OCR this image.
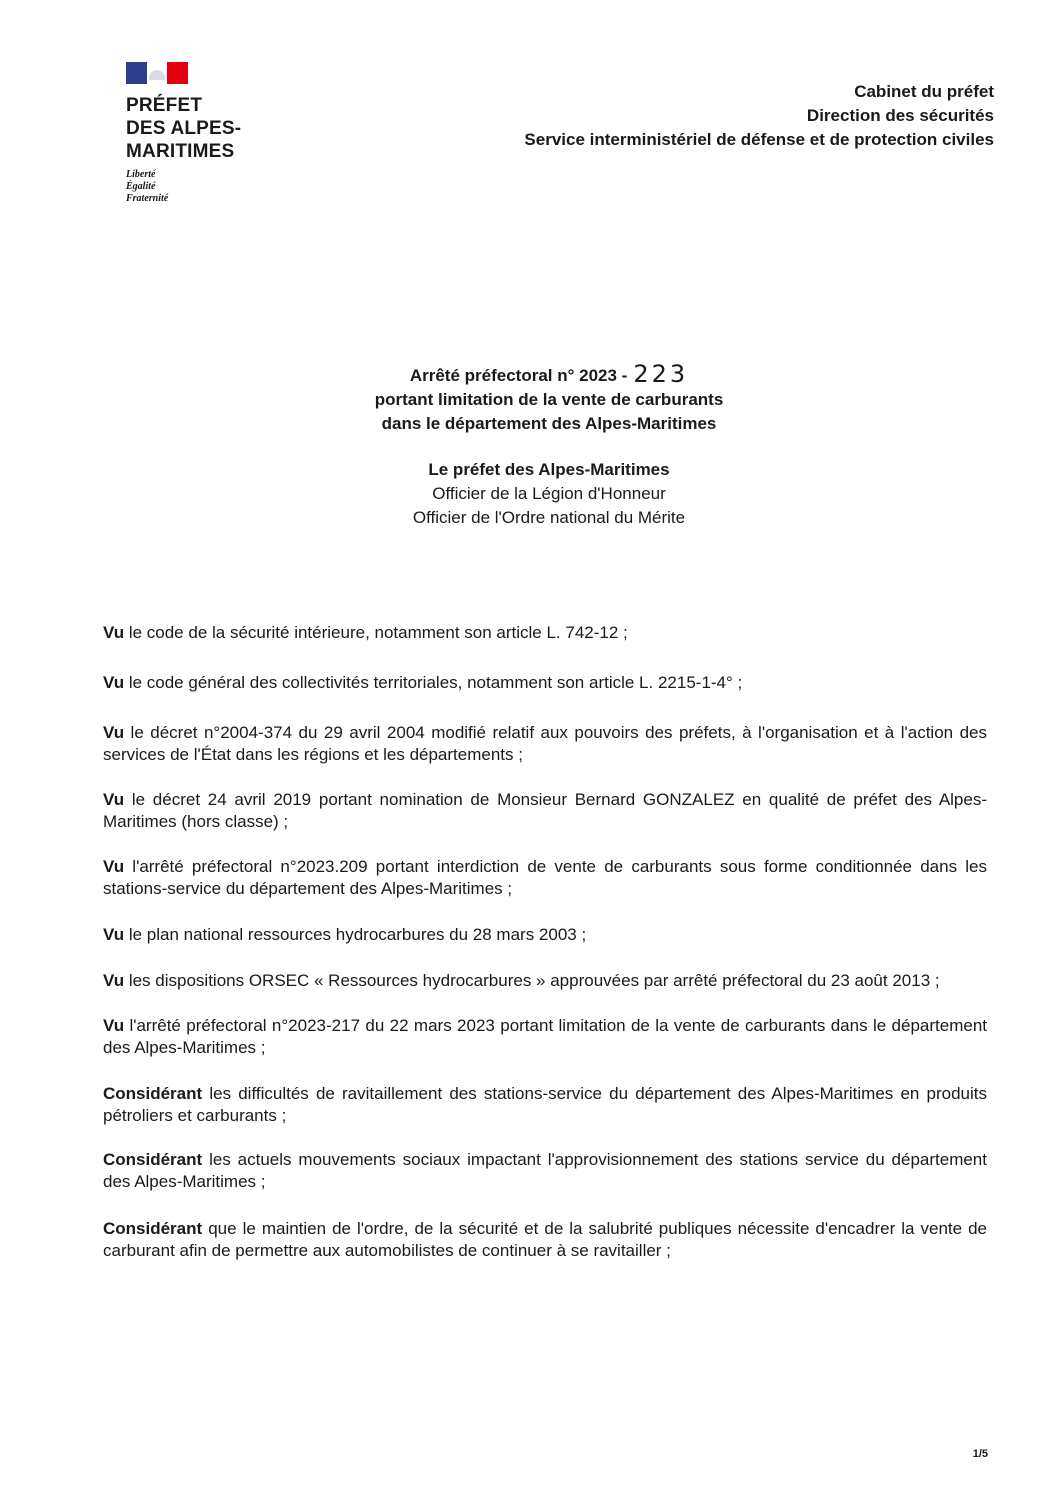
PRÉFET
DES ALPES-
MARITIMES
Liberté
Égalité
Fraternité
Cabinet du préfet
Direction des sécurités
Service interministériel de défense et de protection civiles
Arrêté préfectoral n° 2023 - 223
portant limitation de la vente de carburants
dans le département des Alpes-Maritimes
Le préfet des Alpes-Maritimes
Officier de la Légion d'Honneur
Officier de l'Ordre national du Mérite

Vu le code de la sécurité intérieure, notamment son article L. 742-12 ;

Vu le code général des collectivités territoriales, notamment son article L. 2215-1-4° ;

Vu le décret n°2004-374 du 29 avril 2004 modifié relatif aux pouvoirs des préfets, à l'organisation et à l'action des services de l'État dans les régions et les départements ;

Vu le décret 24 avril 2019 portant nomination de Monsieur Bernard GONZALEZ en qualité de préfet des Alpes-Maritimes (hors classe) ;

Vu l'arrêté préfectoral n°2023.209 portant interdiction de vente de carburants sous forme conditionnée dans les stations-service du département des Alpes-Maritimes ;

Vu le plan national ressources hydrocarbures du 28 mars 2003 ;

Vu les dispositions ORSEC « Ressources hydrocarbures » approuvées par arrêté préfectoral du 23 août 2013 ;

Vu l'arrêté préfectoral n°2023-217 du 22 mars 2023 portant limitation de la vente de carburants dans le département des Alpes-Maritimes ;

Considérant les difficultés de ravitaillement des stations-service du département des Alpes-Maritimes en produits pétroliers et carburants ;

Considérant les actuels mouvements sociaux impactant l'approvisionnement des stations service du département des Alpes-Maritimes ;

Considérant que le maintien de l'ordre, de la sécurité et de la salubrité publiques nécessite d'encadrer la vente de carburant afin de permettre aux automobilistes de continuer à se ravitailler ;

1/5
